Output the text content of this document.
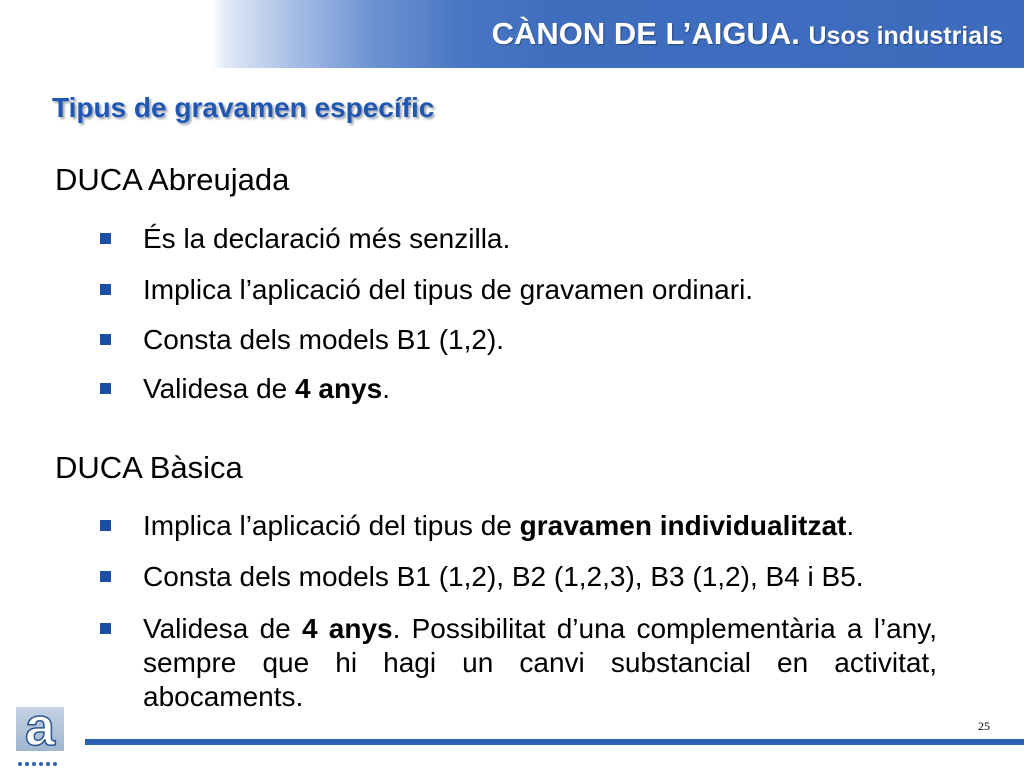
CÀNON DE L’AIGUA. Usos industrials
Tipus de gravamen específic
DUCA Abreujada
És la declaració més senzilla.
Implica l’aplicació del tipus de gravamen ordinari.
Consta dels models B1 (1,2).
Validesa de 4 anys.
DUCA Bàsica
Implica l’aplicació del tipus de gravamen individualitzat.
Consta dels models B1 (1,2), B2 (1,2,3), B3 (1,2), B4 i B5.
Validesa de 4 anys. Possibilitat d’una complementària a l’any, sempre que hi hagi un canvi substancial en activitat, abocaments.
a	25
